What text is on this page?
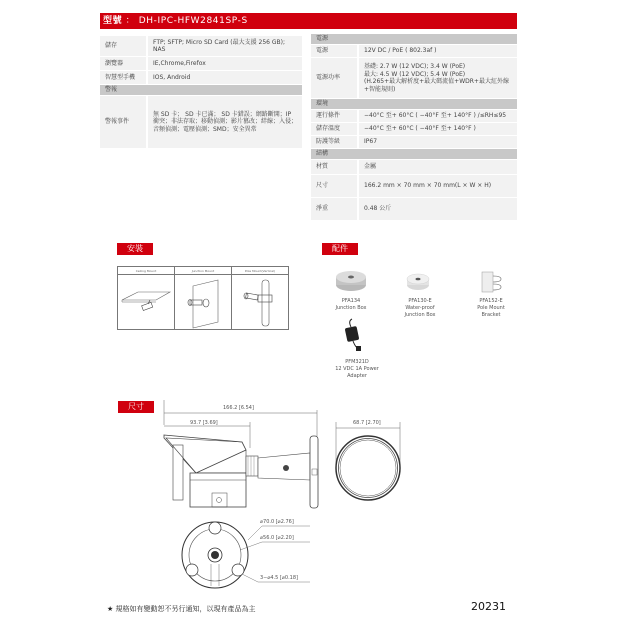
型號 ： DH-IPC-HFW2841SP-S
儲存	FTP; SFTP; Micro SD Card (最大支援 256 GB); NAS
瀏覽器	IE,Chrome,Firefox
智慧型手機	IOS, Android
警報	
警報事件	無 SD 卡； SD 卡已滿； SD 卡錯誤；網路斷開；IP 衝突；非法存取；移動偵測；影片篡改；絆線；入侵；音頻偵測；電壓偵測；SMD；安全異常
電源	
電源	12V DC / PoE ( 802.3af )
電源功率	基礎: 2.7 W (12 VDC); 3.4 W (PoE)
最大: 4.5 W (12 VDC); 5.4 W (PoE)
(H.265+最大解析度+最大碼流值+WDR+最大紅外線+智能規則)

環境	
運行條件	−40°C 至+ 60°C ( −40°F 至+ 140°F ) /≤RH≤95
儲存溫度	−40°C 至+ 60°C ( −40°F 至+ 140°F )
防護等級	IP67
結構	
材質	金屬
尺寸	166.2 mm × 70 mm × 70 mm(L × W × H)
淨重	0.48 公斤
安裝
Ceiling Mount	Junction Mount	Pole Mount(Vertical)
配件
PFA134
Junction Box
PFA130-E
Water-proof
Junction Box
PFA152-E
Pole Mount
Bracket
PFM321D
12 VDC 1A Power
Adapter
尺寸	166.2 [6.54]
93.7 [3.69]	68.7 [2.70]
⌀70.0 [⌀2.76]
⌀56.0 [⌀2.20]
3−⌀4.5 [⌀0.18]
★ 規格如有變動恕不另行通知，以現有產品為主	20231
